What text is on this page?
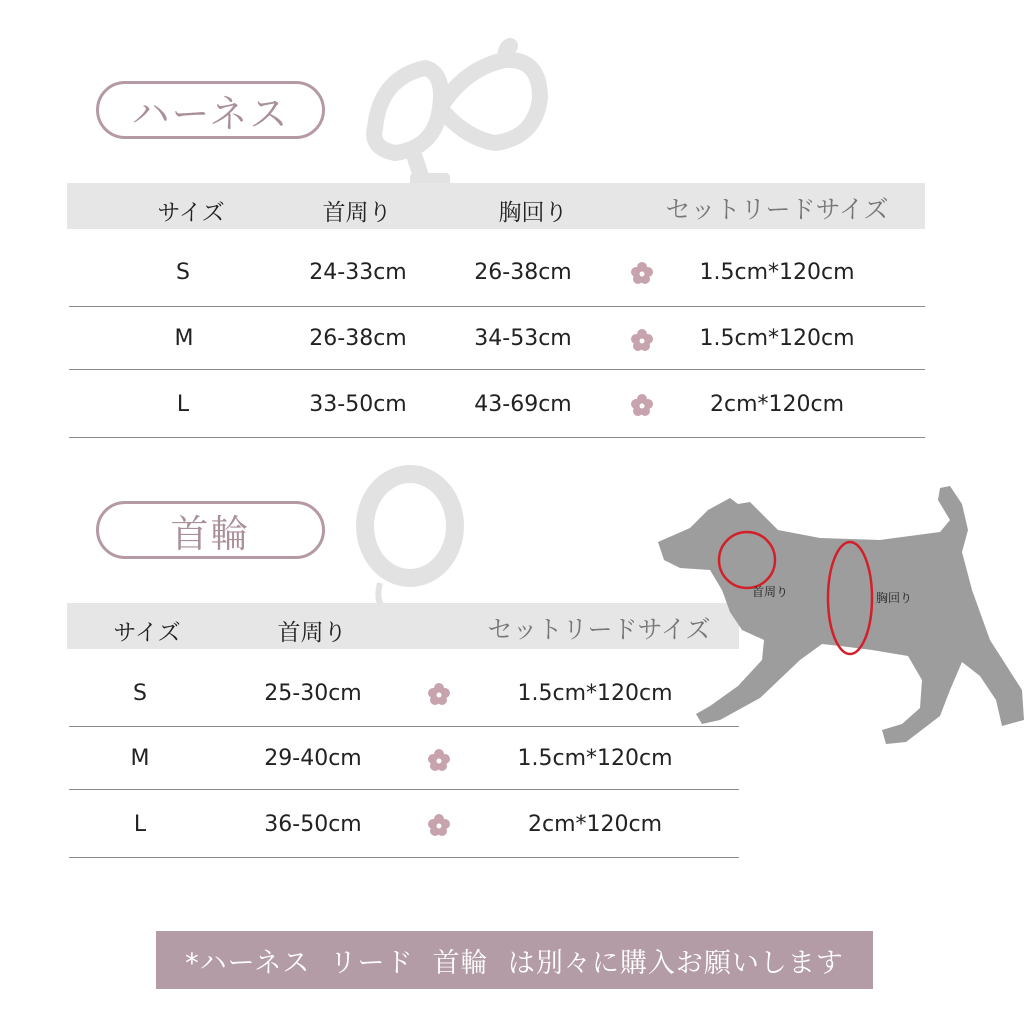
ハーネス
サイズ	首周り	胸回り	セットリードサイズ
S	24-33cm	26-38cm	1.5cm*120cm
M	26-38cm	34-53cm	1.5cm*120cm
L	33-50cm	43-69cm	2cm*120cm
首輪
サイズ	首周り	セットリードサイズ
S	25-30cm	1.5cm*120cm
M	29-40cm	1.5cm*120cm
L	36-50cm	2cm*120cm
首周り	胸回り
*ハーネス  リード  首輪  は別々に購入お願いします
